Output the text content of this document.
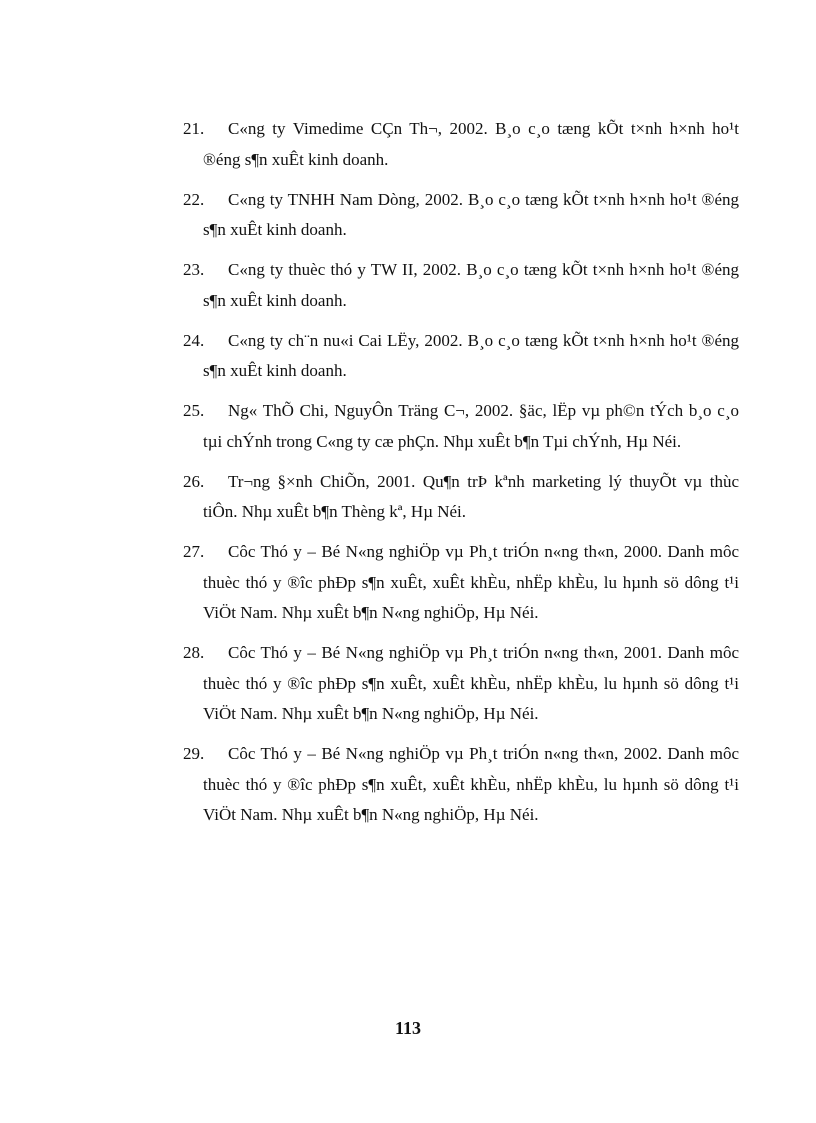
21. C«ng ty Vimedime CÇn Th¬, 2002. B¸o c¸o tæng kÕt t×nh h×nh ho¹t ®éng s¶n xuÊt kinh doanh.
22. C«ng ty TNHH Nam Dòng, 2002. B¸o c¸o tæng kÕt t×nh h×nh ho¹t ®éng s¶n xuÊt kinh doanh.
23. C«ng ty thuèc thó y TW II, 2002. B¸o c¸o tæng kÕt t×nh h×nh ho¹t ®éng s¶n xuÊt kinh doanh.
24. C«ng ty ch¨n nu«i Cai LËy, 2002. B¸o c¸o tæng kÕt t×nh h×nh ho¹t ®éng s¶n xuÊt kinh doanh.
25. Ng« ThÕ Chi, NguyÔn Träng C¬, 2002. §äc, lËp vµ ph©n tÝch b¸o c¸o tµi chÝnh trong C«ng ty cæ phÇn. Nhµ xuÊt b¶n Tµi chÝnh, Hµ Néi.
26. Tr¬ng §×nh ChiÕn, 2001. Qu¶n trÞ kªnh marketing lý thuyÕt vµ thùc tiÔn. Nhµ xuÊt b¶n Thèng kª, Hµ Néi.
27. Côc Thó y – Bé N«ng nghiÖp vµ Ph¸t triÓn n«ng th«n, 2000. Danh môc thuèc thó y ®îc phÐp s¶n xuÊt, xuÊt khÈu, nhËp khÈu, lu hµnh sö dông t¹i ViÖt Nam. Nhµ xuÊt b¶n N«ng nghiÖp, Hµ Néi.
28. Côc Thó y – Bé N«ng nghiÖp vµ Ph¸t triÓn n«ng th«n, 2001. Danh môc thuèc thó y ®îc phÐp s¶n xuÊt, xuÊt khÈu, nhËp khÈu, lu hµnh sö dông t¹i ViÖt Nam. Nhµ xuÊt b¶n N«ng nghiÖp, Hµ Néi.
29. Côc Thó y – Bé N«ng nghiÖp vµ Ph¸t triÓn n«ng th«n, 2002. Danh môc thuèc thó y ®îc phÐp s¶n xuÊt, xuÊt khÈu, nhËp khÈu, lu hµnh sö dông t¹i ViÖt Nam. Nhµ xuÊt b¶n N«ng nghiÖp, Hµ Néi.
113
